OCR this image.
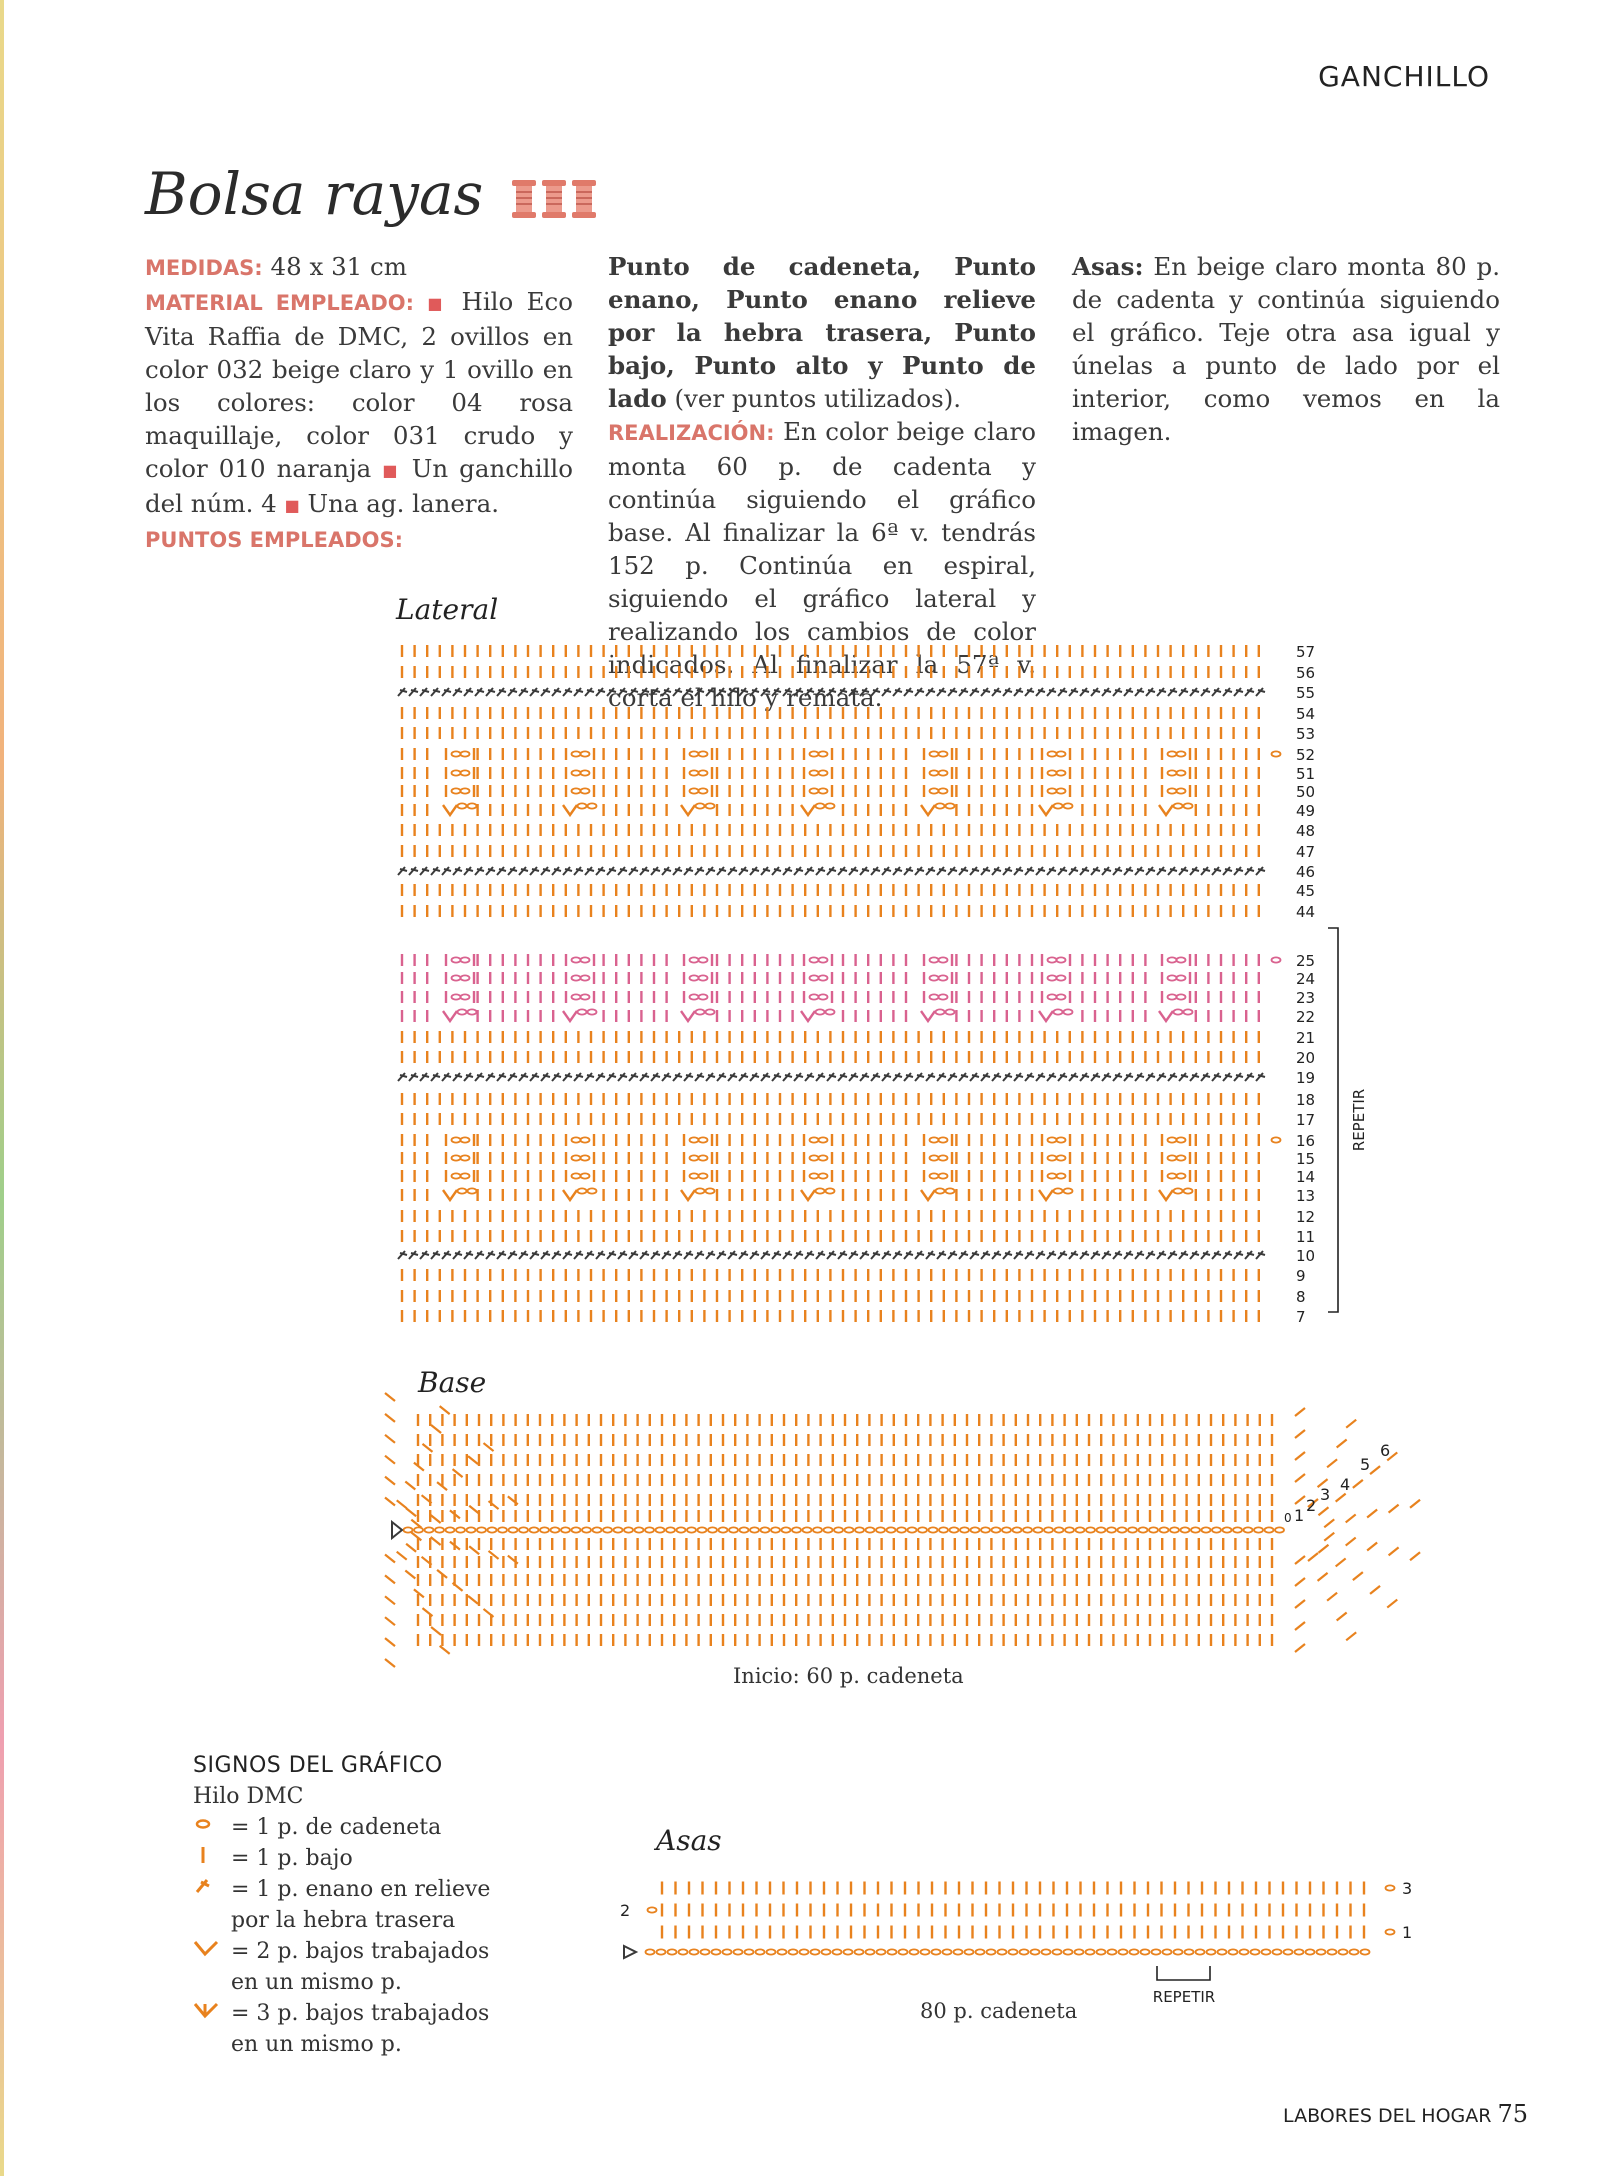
GANCHILLO
Bolsa rayas

MEDIDAS: 48 x 31 cm
MATERIAL EMPLEADO: ■ Hilo Eco Vita Raffia de DMC, 2 ovillos en color 032 beige claro y 1 ovillo en los colores: color 04 rosa maquillaje, color 031 crudo y color 010 naranja ■ Un ganchillo del núm. 4 ■ Una ag. lanera.
PUNTOS EMPLEADOS:

Punto de cadeneta, Punto enano, Punto enano relieve por la hebra trasera, Punto bajo, Punto alto y Punto de lado (ver puntos utilizados).
REALIZACIÓN: En color beige claro monta 60 p. de cadenta y continúa siguiendo el gráfico base. Al finalizar la 6ª v. tendrás 152 p. Continúa en espiral, siguiendo el gráfico lateral y realizando los cambios de color indicados. Al finalizar la 57ª v. corta el hilo y remata.

Asas: En beige claro monta 80 p. de cadenta y continúa siguiendo el gráfico. Teje otra asa igual y únelas a punto de lado por el interior, como vemos en la imagen.

Lateral
Base
Asas
57
56
55
54
53
52
51
50
49
48
47
46
45
44
25
24
23
22
21
20
19
18
17
16
15
14
13
12
11
10
9
8
7
REPETIR
1
2
3
4
5
6
0
3
1
2
REPETIR
Inicio: 60 p. cadeneta
80 p. cadeneta
SIGNOS DEL GRÁFICO
Hilo DMC
= 1 p. de cadeneta
= 1 p. bajo
= 1 p. enano en relieve
por la hebra trasera
= 2 p. bajos trabajados
en un mismo p.
= 3 p. bajos trabajados
en un mismo p.
LABORES DEL HOGAR 75
